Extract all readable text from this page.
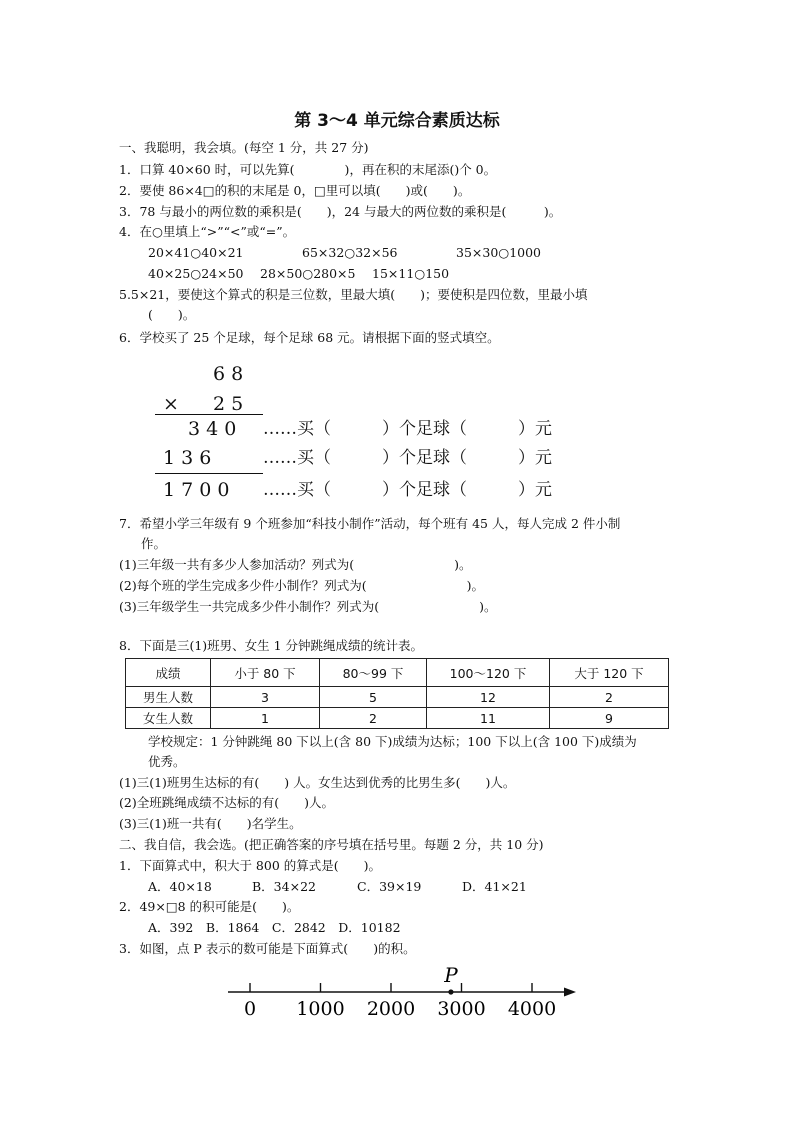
第 3～4 单元综合素质达标
一、我聪明，我会填。(每空 1 分，共 27 分)
1．口算 40×60 时，可以先算(　　　　)，再在积的末尾添()个 0。
2．要使 86×4□的积的末尾是 0，□里可以填(　　)或(　　)。
3．78 与最小的两位数的乘积是(　　)，24 与最大的两位数的乘积是(　　　)。
4．在○里填上“>”“<”或“=”。
20×41○40×21	65×32○32×56	35×30○1000
40×25○24×50 28×50○280×5 15×11○150
5.5×21，要使这个算式的积是三位数，里最大填(　　)；要使积是四位数，里最小填
(　　)。
6．学校买了 25 个足球，每个足球 68 元。请根据下面的竖式填空。
6 8
× 2 5
3 4 0 ……买（　　　）个足球（　　　）元
1 3 6	……买（　　　）个足球（　　　）元
1 7 0 0 ……买（　　　）个足球（　　　）元
7．希望小学三年级有 9 个班参加“科技小制作”活动，每个班有 45 人，每人完成 2 件小制
作。
(1)三年级一共有多少人参加活动？列式为(　　　　　　　　)。
(2)每个班的学生完成多少件小制作？列式为(　　　　　　　　)。
(3)三年级学生一共完成多少件小制作？列式为(　　　　　　　　)。
8．下面是三(1)班男、女生 1 分钟跳绳成绩的统计表。
成绩	小于 80 下	80～99 下	100～120 下	大于 120 下
男生人数	3	5	12	2
女生人数	1	2	11	9
学校规定：1 分钟跳绳 80 下以上(含 80 下)成绩为达标；100 下以上(含 100 下)成绩为
优秀。
(1)三(1)班男生达标的有(　　) 人。女生达到优秀的比男生多(　　)人。
(2)全班跳绳成绩不达标的有(　　)人。
(3)三(1)班一共有(　　)名学生。
二、我自信，我会选。(把正确答案的序号填在括号里。每题 2 分，共 10 分)
1．下面算式中，积大于 800 的算式是(　　)。
A．40×18	B．34×22	C．39×19	D．41×21
2．49×□8 的积可能是(　　)。
A．392　B．1864　C．2842　D．10182
3．如图，点 P 表示的数可能是下面算式(　　)的积。
0 1000 2000 3000 4000
P
